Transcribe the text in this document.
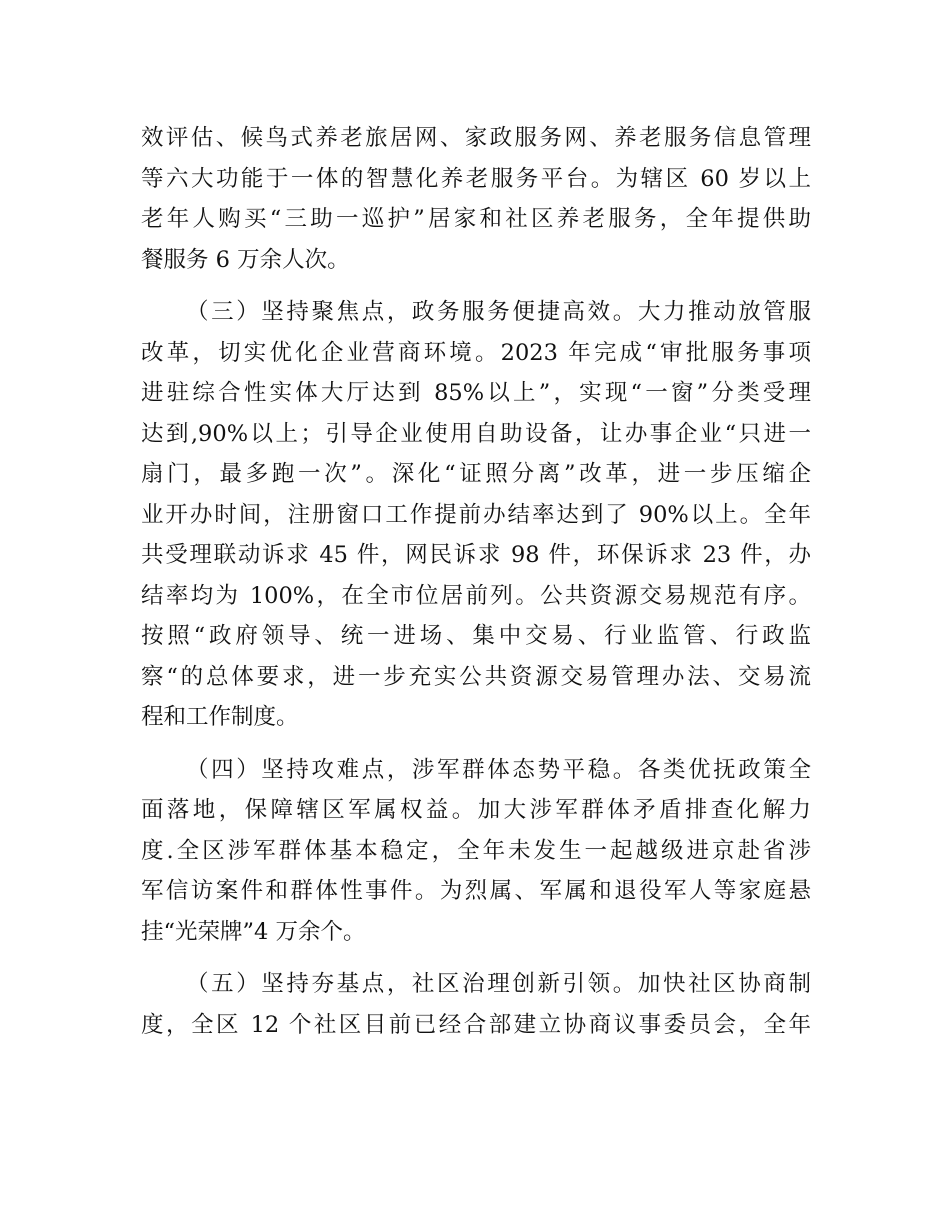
效评估、候鸟式养老旅居网、家政服务网、养老服务信息管理
等六大功能于一体的智慧化养老服务平台。为辖区 60 岁以上
老年人购买“三助一巡护”居家和社区养老服务，全年提供助
餐服务 6 万余人次。
（三）坚持聚焦点，政务服务便捷高效。大力推动放管服
改革，切实优化企业营商环境。2023 年完成“审批服务事项
进驻综合性实体大厅达到 85%以上”，实现“一窗”分类受理
达到,90%以上；引导企业使用自助设备，让办事企业“只进一
扇门，最多跑一次”。深化“证照分离”改革，进一步压缩企
业开办时间，注册窗口工作提前办结率达到了 90%以上。全年
共受理联动诉求 45 件，网民诉求 98 件，环保诉求 23 件，办
结率均为 100%，在全市位居前列。公共资源交易规范有序。
按照“政府领导、统一进场、集中交易、行业监管、行政监
察“的总体要求，进一步充实公共资源交易管理办法、交易流
程和工作制度。
（四）坚持攻难点，涉军群体态势平稳。各类优抚政策全
面落地，保障辖区军属权益。加大涉军群体矛盾排查化解力
度.全区涉军群体基本稳定，全年未发生一起越级进京赴省涉
军信访案件和群体性事件。为烈属、军属和退役军人等家庭悬
挂“光荣牌”4 万余个。
（五）坚持夯基点，社区治理创新引领。加快社区协商制
度，全区 12 个社区目前已经合部建立协商议事委员会，全年
